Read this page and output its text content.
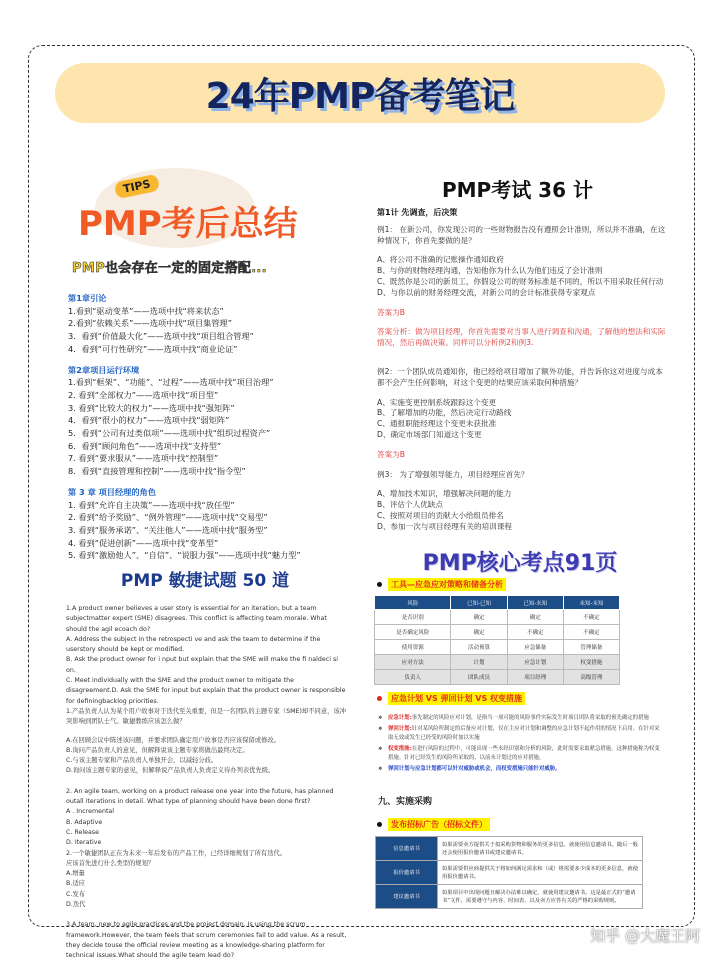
24年PMP备考笔记
TIPS
PMP考后总结
PMP也会存在一定的固定搭配...
第1章引论
1.看到“驱动变革”——选项中找“将来状态”
2.看到“依赖关系”——选项中找“项目集管理”
3．看到“价值最大化”——选项中找“项目组合管理”
4．看到“可行性研究”——选项中找“商业论证”
第2章项目运行环境
1.看到“框架”、“功能”、“过程”——选项中找“项目治理”
2. 看到“全部权力”——选项中找“项目型”
3. 看到“比较大的权力”——选项中找“强矩阵”
4．看到“很小的权力”——选项中找“弱矩阵”
5．看到“公司有过类似项”——选项中找“组织过程资产”
6．看到“顾问角色”——选项中找“支持型”
7. 看到“要求服从”——选项中找“控制型”
8．看到“直接管理和控制”——选项中找“指令型”
第 3 章 项目经理的角色
1. 看到“允许自主决策”——选项中找“放任型”
2. 看到“给予奖励”、“例外管理”——选项中找“交易型”
3. 看到“服务承诺”、“关注他人”——选项中找“服务型”
4. 看到“促进创新”——选项中找“变革型”
5. 看到“激励他人”、“自信”、“说服力强”——选项中找“魅力型”
PMP 敏捷试题 50 道
1.A product owner believes a user story is essential for an iteration, but a team subjectmatter expert (SME) disagrees. This conflict is affecting team morale. What should the agil ecoach do?
A. Address the subject in the retrospecti ve and ask the team to determine if the userstory should be kept or modified.
B. Ask the product owner for i nput but explain that the SME will make the fi naldeci si on.
C. Meet individually with the SME and the product owner to mitigate the disagreement.D. Ask the SME for input but explain that the product owner is responsible for definingbacklog priorities.
1.产品负责人认为某个用户故事对于迭代至关重要，但是一名团队的主题专家（SME)却不同意，该冲突影响到团队士气。敏捷教练应该怎么做？
A.在回顾会议中陈述该问题，并要求团队确定用户故事是否应该保留或修改。
B.询问产品负责人的意见，但解释说该主题专家将做出最终决定。
C.与该主题专家和产品负责人单独开会，以减轻分歧。
D.询问该主题专家的意见，但解释说产品负责人负责定义待办列表优先级。
2. An agile team, working on a product release one year into the future, has planned outall iterations in detail. What type of planning should have been done first?
A . Incremental
B. Adaptive
C. Release
D. Iterative
2.一个敏捷团队正在为未来一年后发布的产品工作，已经详细规划了所有迭代。
应该首先进行什么类型的规划？
A.增量
B.适应
C.发布
D.迭代
3.A team, new to agile practices and the project domain. Is using the scrum framework.However, the team feels that scrum ceremonies fail to add value. As a result, they decide touse the official review meeting as a knowledge-sharing platform for technical issues.What should the agile team lead do?
PMP考试 36 计
第1计 先调查，后决策
例1： 在新公司，你发现公司的一些财物报告没有遵照会计准则，所以并不准确，在这种情况下，你首先要做的是？
A、将公司不准确的记账操作通知政府
B、与你的财物经理沟通，告知他你为什么认为他们违反了会计准则
C、既然你是公司的新员工，你假设公司的财务标准是不同的，所以不用采取任何行动
D、与你以前的财务经理交流，对新公司的会计标准获得专家观点
答案为B
答案分析：做为项目经理，你首先需要对当事人进行调查和沟通，了解他的想法和实际情况，然后再做决策。同样可以分析例2和例3.
例2：一个团队成员通知你，他已经给项目增加了额外功能，并告诉你这对进度与成本都不会产生任何影响，对这个变更的结果应该采取何种措施？
A、实施变更控制系统跟踪这个变更
B、了解增加的功能，然后决定行动路线
C、通报职能经理这个变更未获批准
D、确定市场部门知道这个变更
答案为B
例3： 为了增强领导能力，项目经理应首先？
A、增加技术知识，增强解决问题的能力
B、评估个人优缺点
C、按照对项目的贡献大小给组员排名
D、参加一次与项目经理有关的培训课程
PMP核心考点91页
工具—应急应对策略和储备分析
风险	已知-已知	已知-未知	未知-未知
是否识别	确定	确定	不确定
是否确定风险	确定	不确定	不确定
使用资源	活动预算	应急储备	管理储备
应对方法	计划	应急计划	权变措施
负责人	团队成员	项目经理	高级管理
应急计划 VS 弹回计划 VS 权变措施
❖ 应急计划:事先制定的风险应对计划，是指当一项可能的风险事件实际发生时项目团队将采取的预先确定的措施
❖ 弹回计划:针对某风险所制定的后备应对计划，仅在主应对计划和调整的应急计划不起作用的情况下启用。在针对采取无效或发生已经受的风险时加以实施
❖ 权变措施:在进行风险的过程中，可能出现一些未经识别和分析的风险，此时需要采取紧急措施，这种措施称为权变措施。针对已经发生的风险所采取的、以前未计划过的应对措施。
❖ 弹回计划与应急计划都可以针对威胁或机会，而权变措施只能针对威胁。
九、实施采购
发布招标广告（招标文件）
信息邀请书	如果需要卖方提供关于拟采购货物和服务的更多信息，就使用信息邀请书。随后一般还会使用报价邀请书或建议邀请书。
报价邀请书	如果需要供应商提供关于将如何满足需求和（或）将需要多少成本的更多信息，就使用报价邀请书。
建议邀请书	如果项目中出现问题且解决办法难以确定，就使用建议邀请书。这是最正式的“邀请书”文件，需要遵守与内容、时间表，以及卖方应答有关的严格的采购规则。
知乎 @大魔王阿
